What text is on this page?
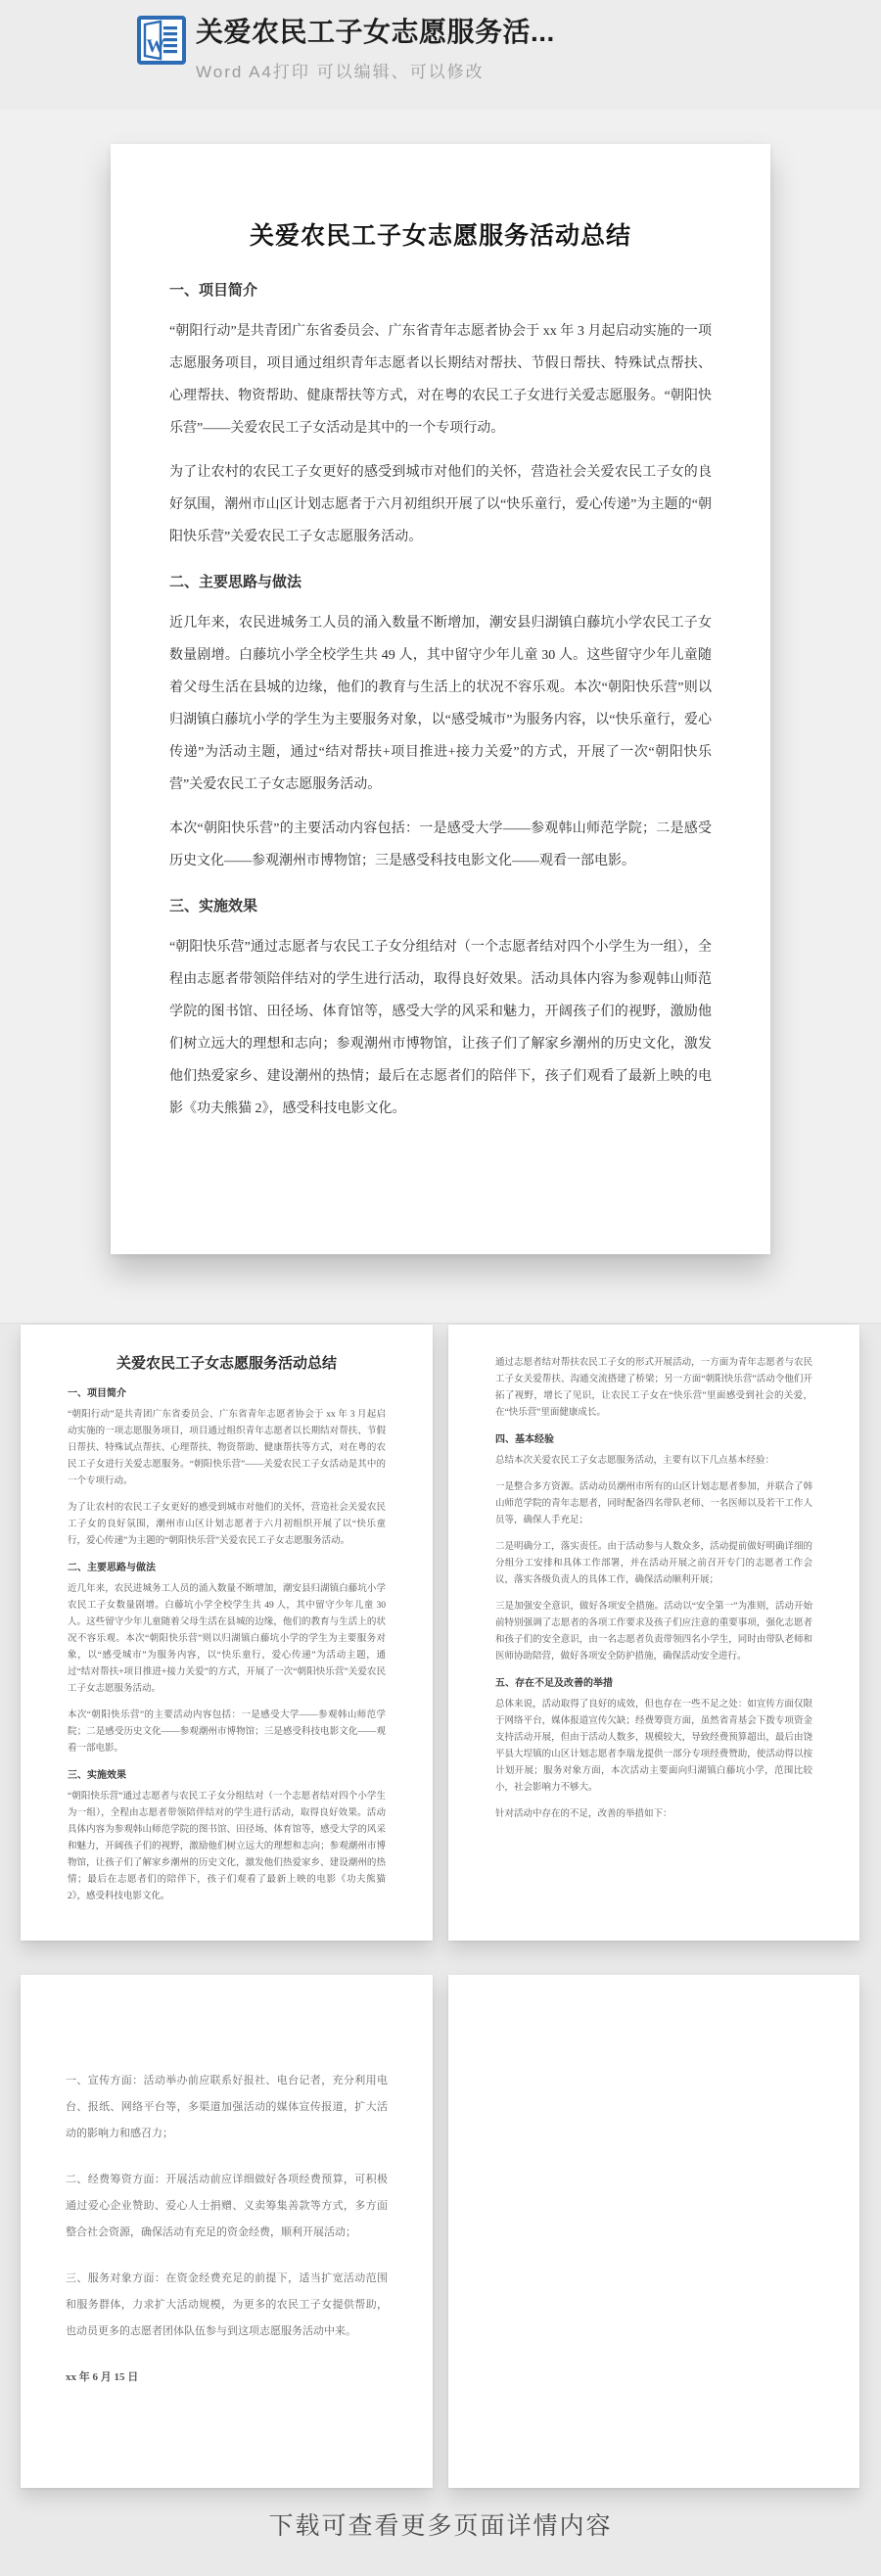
W 关爱农民工子女志愿服务活...
Word A4打印 可以编辑、可以修改
关爱农民工子女志愿服务活动总结
一、项目简介
“朝阳行动”是共青团广东省委员会、广东省青年志愿者协会于 xx 年 3 月起启动实施的一项志愿服务项目，项目通过组织青年志愿者以长期结对帮扶、节假日帮扶、特殊试点帮扶、心理帮扶、物资帮助、健康帮扶等方式，对在粤的农民工子女进行关爱志愿服务。“朝阳快乐营”——关爱农民工子女活动是其中的一个专项行动。
为了让农村的农民工子女更好的感受到城市对他们的关怀，营造社会关爱农民工子女的良好氛围，潮州市山区计划志愿者于六月初组织开展了以“快乐童行，爱心传递”为主题的“朝阳快乐营”关爱农民工子女志愿服务活动。
二、主要思路与做法
近几年来，农民进城务工人员的涌入数量不断增加，潮安县归湖镇白藤坑小学农民工子女数量剧增。白藤坑小学全校学生共 49 人，其中留守少年儿童 30 人。这些留守少年儿童随着父母生活在县城的边缘，他们的教育与生活上的状况不容乐观。本次“朝阳快乐营”则以归湖镇白藤坑小学的学生为主要服务对象，以“感受城市”为服务内容，以“快乐童行，爱心传递”为活动主题，通过“结对帮扶+项目推进+接力关爱”的方式，开展了一次“朝阳快乐营”关爱农民工子女志愿服务活动。
本次“朝阳快乐营”的主要活动内容包括：一是感受大学——参观韩山师范学院；二是感受历史文化——参观潮州市博物馆；三是感受科技电影文化——观看一部电影。
三、实施效果
“朝阳快乐营”通过志愿者与农民工子女分组结对（一个志愿者结对四个小学生为一组），全程由志愿者带领陪伴结对的学生进行活动，取得良好效果。活动具体内容为参观韩山师范学院的图书馆、田径场、体育馆等，感受大学的风采和魅力，开阔孩子们的视野，激励他们树立远大的理想和志向；参观潮州市博物馆，让孩子们了解家乡潮州的历史文化，激发他们热爱家乡、建设潮州的热情；最后在志愿者们的陪伴下，孩子们观看了最新上映的电影《功夫熊猫 2》，感受科技电影文化。
关爱农民工子女志愿服务活动总结
一、项目简介
“朝阳行动”是共青团广东省委员会、广东省青年志愿者协会于 xx 年 3 月起启动实施的一项志愿服务项目，项目通过组织青年志愿者以长期结对帮扶、节假日帮扶、特殊试点帮扶、心理帮扶、物资帮助、健康帮扶等方式，对在粤的农民工子女进行关爱志愿服务。“朝阳快乐营”——关爱农民工子女活动是其中的一个专项行动。
为了让农村的农民工子女更好的感受到城市对他们的关怀，营造社会关爱农民工子女的良好氛围，潮州市山区计划志愿者于六月初组织开展了以“快乐童行，爱心传递”为主题的“朝阳快乐营”关爱农民工子女志愿服务活动。
二、主要思路与做法
近几年来，农民进城务工人员的涌入数量不断增加，潮安县归湖镇白藤坑小学农民工子女数量剧增。白藤坑小学全校学生共 49 人，其中留守少年儿童 30 人。这些留守少年儿童随着父母生活在县城的边缘，他们的教育与生活上的状况不容乐观。本次“朝阳快乐营”则以归湖镇白藤坑小学的学生为主要服务对象，以“感受城市”为服务内容，以“快乐童行，爱心传递”为活动主题，通过“结对帮扶+项目推进+接力关爱”的方式，开展了一次“朝阳快乐营”关爱农民工子女志愿服务活动。
本次“朝阳快乐营”的主要活动内容包括：一是感受大学——参观韩山师范学院；二是感受历史文化——参观潮州市博物馆；三是感受科技电影文化——观看一部电影。
三、实施效果
“朝阳快乐营”通过志愿者与农民工子女分组结对（一个志愿者结对四个小学生为一组），全程由志愿者带领陪伴结对的学生进行活动，取得良好效果。活动具体内容为参观韩山师范学院的图书馆、田径场、体育馆等，感受大学的风采和魅力，开阔孩子们的视野，激励他们树立远大的理想和志向；参观潮州市博物馆，让孩子们了解家乡潮州的历史文化，激发他们热爱家乡、建设潮州的热情；最后在志愿者们的陪伴下，孩子们观看了最新上映的电影《功夫熊猫 2》，感受科技电影文化。
通过志愿者结对帮扶农民工子女的形式开展活动，一方面为青年志愿者与农民工子女关爱帮扶、沟通交流搭建了桥梁；另一方面“朝阳快乐营”活动令他们开拓了视野，增长了见识，让农民工子女在“快乐营”里面感受到社会的关爱，在“快乐营”里面健康成长。
四、基本经验
总结本次关爱农民工子女志愿服务活动，主要有以下几点基本经验：
一是整合多方资源。活动动员潮州市所有的山区计划志愿者参加，并联合了韩山师范学院的青年志愿者，同时配备四名带队老师、一名医师以及若干工作人员等，确保人手充足；
二是明确分工，落实责任。由于活动参与人数众多，活动提前做好明确详细的分组分工安排和具体工作部署，并在活动开展之前召开专门的志愿者工作会议，落实各级负责人的具体工作，确保活动顺利开展；
三是加强安全意识，做好各项安全措施。活动以“安全第一”为准则，活动开始前特别强调了志愿者的各项工作要求及孩子们应注意的重要事项，强化志愿者和孩子们的安全意识，由一名志愿者负责带领四名小学生，同时由带队老师和医师协助陪营，做好各项安全防护措施，确保活动安全进行。
五、存在不足及改善的举措
总体来说，活动取得了良好的成效，但也存在一些不足之处：如宣传方面仅限于网络平台，媒体报道宣传欠缺；经费筹资方面，虽然省青基会下拨专项资金支持活动开展，但由于活动人数多，规模较大，导致经费预算超出，最后由饶平县大埕镇的山区计划志愿者李瑞龙提供一部分专项经费赞助，使活动得以按计划开展；服务对象方面，本次活动主要面向归湖镇白藤坑小学，范围比较小，社会影响力不够大。
针对活动中存在的不足，改善的举措如下：
一、宣传方面：活动举办前应联系好报社、电台记者，充分利用电台、报纸、网络平台等，多渠道加强活动的媒体宣传报道，扩大活动的影响力和感召力；
二、经费筹资方面：开展活动前应详细做好各项经费预算，可积极通过爱心企业赞助、爱心人士捐赠、义卖筹集善款等方式，多方面整合社会资源，确保活动有充足的资金经费，顺利开展活动；
三、服务对象方面：在资金经费充足的前提下，适当扩宽活动范围和服务群体，力求扩大活动规模，为更多的农民工子女提供帮助，也动员更多的志愿者团体队伍参与到这项志愿服务活动中来。
xx 年 6 月 15 日
下载可查看更多页面详情内容
